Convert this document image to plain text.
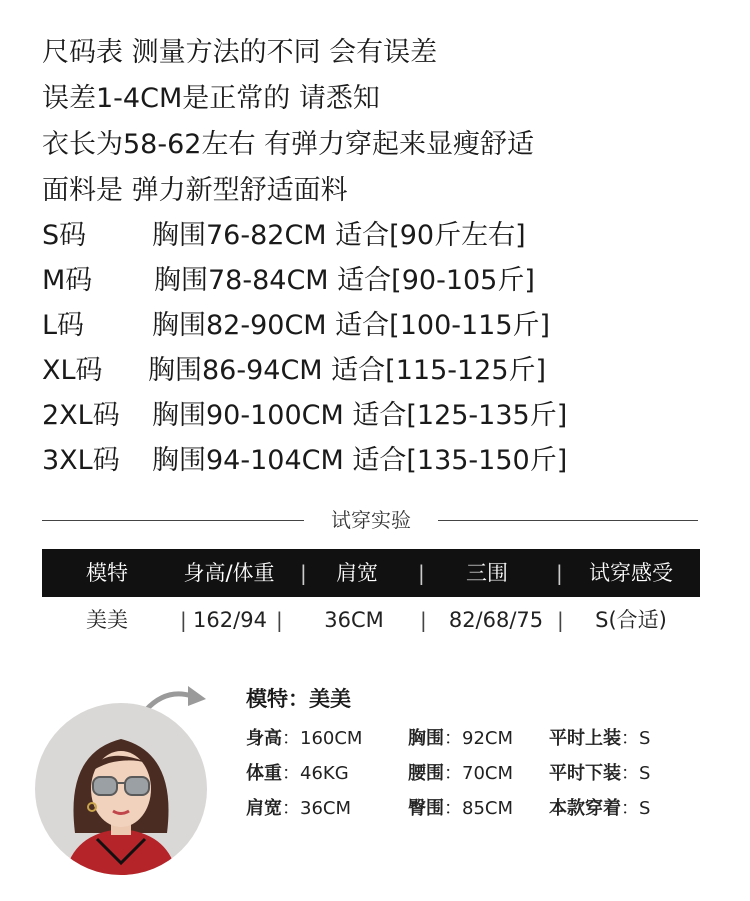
尺码表 测量方法的不同 会有误差
误差1-4CM是正常的 请悉知
衣长为58-62左右 有弹力穿起来显瘦舒适
面料是 弹力新型舒适面料
S码 胸围76-82CM 适合[90斤左右]
M码 胸围78-84CM 适合[90-105斤]
L码	胸围82-90CM 适合[100-115斤]
XL码 胸围86-94CM 适合[115-125斤]
2XL码 胸围90-100CM 适合[125-135斤]
3XL码 胸围94-104CM 适合[135-150斤]
试穿实验
模特	身高/体重	|	肩宽	|	三围	|	试穿感受
美美	| 162/94 |	36CM	|	82/68/75 |	S(合适)
模特：美美
身高：160CM	胸围：92CM 平时上装：S
体重：46KG	腰围：70CM 平时下装：S
肩宽：36CM	臀围：85CM 本款穿着：S
